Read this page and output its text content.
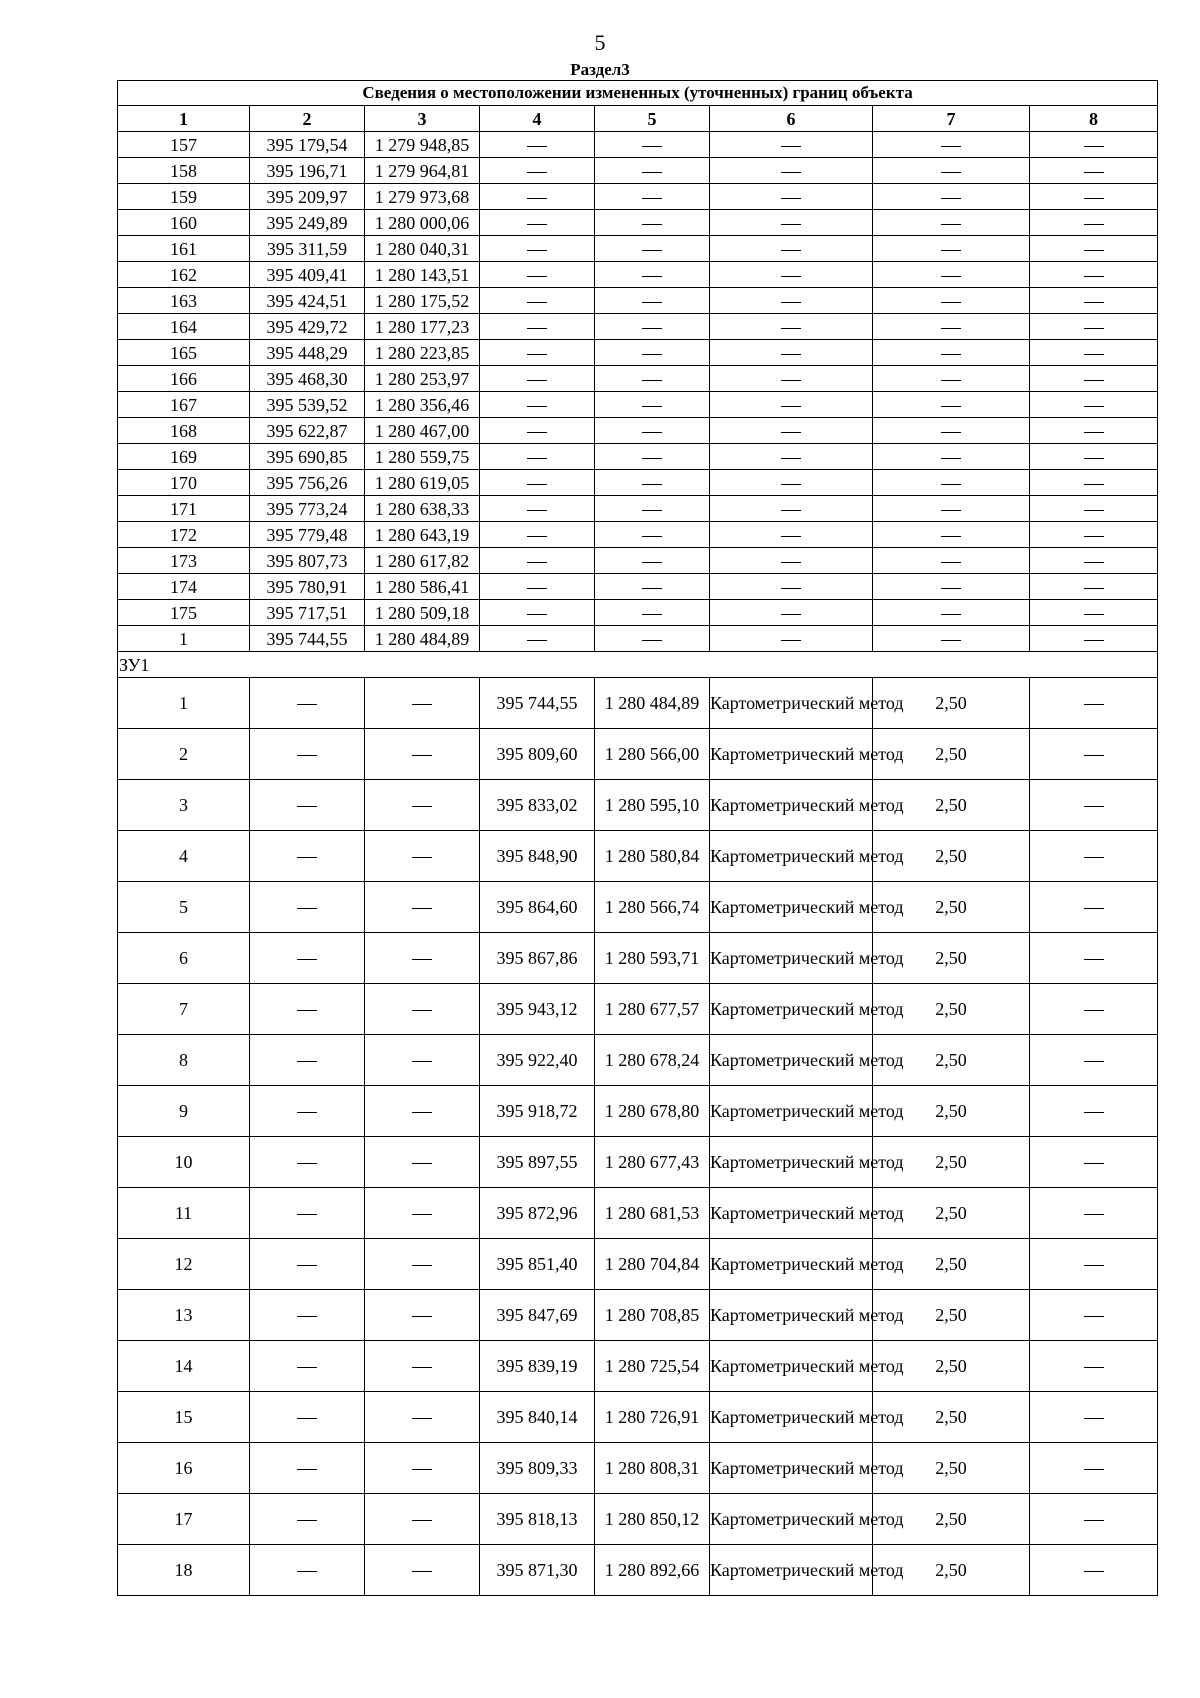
5
Раздел3
Сведения о местоположении измененных (уточненных) границ объекта							
1	2	3	4	5	6	7	8
157	395 179,54	1 279 948,85					
158	395 196,71	1 279 964,81					
159	395 209,97	1 279 973,68					
160	395 249,89	1 280 000,06					
161	395 311,59	1 280 040,31					
162	395 409,41	1 280 143,51					
163	395 424,51	1 280 175,52					
164	395 429,72	1 280 177,23					
165	395 448,29	1 280 223,85					
166	395 468,30	1 280 253,97					
167	395 539,52	1 280 356,46					
168	395 622,87	1 280 467,00					
169	395 690,85	1 280 559,75					
170	395 756,26	1 280 619,05					
171	395 773,24	1 280 638,33					
172	395 779,48	1 280 643,19					
173	395 807,73	1 280 617,82					
174	395 780,91	1 280 586,41					
175	395 717,51	1 280 509,18					
1	395 744,55	1 280 484,89					
ЗУ1							
1			395 744,55	1 280 484,89	Картометрический метод	2,50	
2			395 809,60	1 280 566,00	Картометрический метод	2,50	
3			395 833,02	1 280 595,10	Картометрический метод	2,50	
4			395 848,90	1 280 580,84	Картометрический метод	2,50	
5			395 864,60	1 280 566,74	Картометрический метод	2,50	
6			395 867,86	1 280 593,71	Картометрический метод	2,50	
7			395 943,12	1 280 677,57	Картометрический метод	2,50	
8			395 922,40	1 280 678,24	Картометрический метод	2,50	
9			395 918,72	1 280 678,80	Картометрический метод	2,50	
10			395 897,55	1 280 677,43	Картометрический метод	2,50	
11			395 872,96	1 280 681,53	Картометрический метод	2,50	
12			395 851,40	1 280 704,84	Картометрический метод	2,50	
13			395 847,69	1 280 708,85	Картометрический метод	2,50	
14			395 839,19	1 280 725,54	Картометрический метод	2,50	
15			395 840,14	1 280 726,91	Картометрический метод	2,50	
16			395 809,33	1 280 808,31	Картометрический метод	2,50	
17			395 818,13	1 280 850,12	Картометрический метод	2,50	
18			395 871,30	1 280 892,66	Картометрический метод	2,50	
